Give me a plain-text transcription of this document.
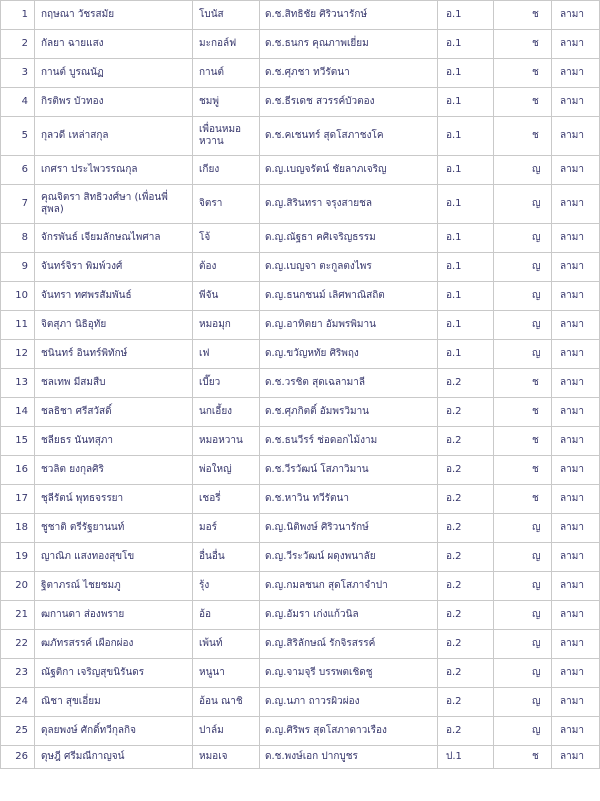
1	กฤษณา วัชรสมัย	โบนัส	ด.ช.สิทธิชัย ศิริวนารักษ์	อ.1	ช	ลามา
2	กัลยา ฉายแสง	มะกอล์ฟ	ด.ช.ธนกร คุณภาพเยี่ยม	อ.1	ช	ลามา
3	กานต์ บูรณนัฏ	กานต์	ด.ช.ศุภชา ทวีรัตนา	อ.1	ช	ลามา
4	กิรติพร บัวทอง	ชมพู่	ด.ช.ธีรเดช สวรรค์บัวตอง	อ.1	ช	ลามา
5	กุลวดี เหล่าสกุล	เพื่อนหมอ หวาน	ด.ช.คเชนทร์ สุดโสภาชงโค	อ.1	ช	ลามา
6	เกศรา ประไพวรรณกุล	เกียง	ด.ญ.เบญจรัตน์ ชัยลาภเจริญ	อ.1	ญ	ลามา
7	คุณจิตรา สิทธิวงศ์ษา (เพื่อนพี่ สุพล)	จิตรา	ด.ญ.สิรินทรา จรุงสายชล	อ.1	ญ	ลามา
8	จักรพันธ์ เจียมลักษณไพศาล	โจ้	ด.ญ.ณัฐธา คศิเจริญธรรม	อ.1	ญ	ลามา
9	จันทร์จิรา พิมพ์วงศ์	ต้อง	ด.ญ.เบญจา ตะกูลตงไพร	อ.1	ญ	ลามา
10	จันทรา ทศพรสัมพันธ์	พีจัน	ด.ญ.ธนกชนม์ เลิศพาณิสถิต	อ.1	ญ	ลามา
11	จิตสุภา นิธิอุทัย	หมอมุก	ด.ญ.อาทิตยา อัมพรพิมาน	อ.1	ญ	ลามา
12	ชนินทร์ อินทร์พิทักษ์	เฟ	ด.ญ.ขวัญหทัย ศิริพฤง	อ.1	ญ	ลามา
13	ชลเทพ มีสมสืบ	เบี๊ยว	ด.ช.วรชิต สุดเฉลามาลี	อ.2	ช	ลามา
14	ชลธิชา ศรีสวัสดิ์	นกเอี้ยง	ด.ช.ศุภกิตติ์ อัมพรวิมาน	อ.2	ช	ลามา
15	ชลียธร นันทสุภา	หมอหวาน	ด.ช.ธนวีรร์ ช่อดอกไม้งาม	อ.2	ช	ลามา
16	ชวลิต ยงกุลศิริ	พ่อใหญ่	ด.ช.วีรวัฒน์ โสภาวิมาน	อ.2	ช	ลามา
17	ชุลีรัตน์ พุทธจรรยา	เชอรี่	ด.ช.หาวิน ทวีรัตนา	อ.2	ช	ลามา
18	ชูชาติ ตรีรัฐยานนท์	มอร์	ด.ญ.นิติพงษ์ ศิริวนารักษ์	อ.2	ญ	ลามา
19	ญาณิภ แสงทองสุขโข	อื่นอื่น	ด.ญ.วีระวัฒน์ ผดุงพนาลัย	อ.2	ญ	ลามา
20	ฐิตาภรณ์ ไชยชมภู	รุ้ง	ด.ญ.กมลชนก สุดโสภาจำปา	อ.2	ญ	ลามา
21	ฒกานดา ส่องพราย	อ้อ	ด.ญ.อัมรา เก่งแก้วนิล	อ.2	ญ	ลามา
22	ฒภัทรสรรค์ เผือกผ่อง	เพ้นท์	ด.ญ.สิริลักษณ์ รักจิรสรรค์	อ.2	ญ	ลามา
23	ณัฐติกา เจริญสุขนิรันดร	หนูนา	ด.ญ.จามจุรี บรรพตเชิดชู	อ.2	ญ	ลามา
24	ณิชา สุขเอี่ยม	อ้อน ณาชิ	ด.ญ.นภา ถาวรผิวผ่อง	อ.2	ญ	ลามา
25	ดุลยพงษ์ ศักดิ์ทวีกุลกิจ	ปาล์ม	ด.ญ.ศิริพร สุดโสภาดาวเรือง	อ.2	ญ	ลามา
26	ดุษฎี ศรีมณีกาญจน์	หมอเจ	ด.ช.พงษ์เอก ปากบูชร	ป.1	ช	ลามา
